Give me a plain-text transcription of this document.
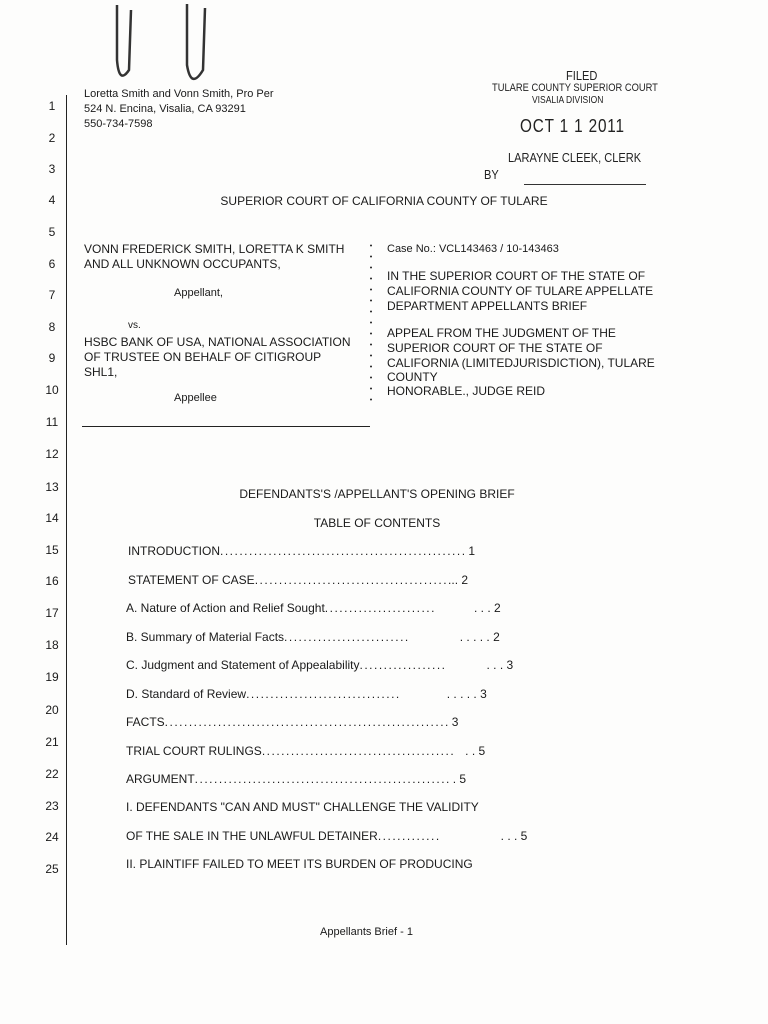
1
2
3
4
5
6
7
8
9
10
11
12
13
14
15
16
17
18
19
20
21
22
23
24
25
Loretta Smith and Vonn Smith, Pro Per
524 N. Encina, Visalia, CA 93291
550-734-7598
FILED
TULARE COUNTY SUPERIOR COURT
VISALIA DIVISION
OCT 1 1 2011
LARAYNE CLEEK, CLERK
BY
SUPERIOR COURT OF CALIFORNIA COUNTY OF TULARE
VONN FREDERICK SMITH, LORETTA K SMITH
AND ALL UNKNOWN OCCUPANTS,
Appellant,
vs.
HSBC BANK OF USA, NATIONAL ASSOCIATION
OF TRUSTEE ON BEHALF OF CITIGROUP
SHL1,
Appellee
Case No.: VCL143463 / 10-143463
IN THE SUPERIOR COURT OF THE STATE OF
CALIFORNIA COUNTY OF TULARE APPELLATE
DEPARTMENT APPELLANTS BRIEF
APPEAL FROM THE JUDGMENT OF THE
SUPERIOR COURT OF THE STATE OF
CALIFORNIA (LIMITEDJURISDICTION), TULARE
COUNTY
HONORABLE., JUDGE REID
DEFENDANTS'S /APPELLANT'S OPENING BRIEF
TABLE OF CONTENTS
INTRODUCTION................................................... 1
STATEMENT OF CASE........................................... 2
A. Nature of Action and Relief Sought.......................	. . . 2
B. Summary of Material Facts..........................	. . . . . 2
C. Judgment and Statement of Appealability..................	. . . 3
D. Standard of Review................................	. . . . . 3
FACTS........................................................... 3
TRIAL COURT RULINGS........................................ . . 5
ARGUMENT..................................................... . 5
I. DEFENDANTS "CAN AND MUST" CHALLENGE THE VALIDITY
OF THE SALE IN THE UNLAWFUL DETAINER.............	. . . 5
II. PLAINTIFF FAILED TO MEET ITS BURDEN OF PRODUCING
Appellants Brief - 1
